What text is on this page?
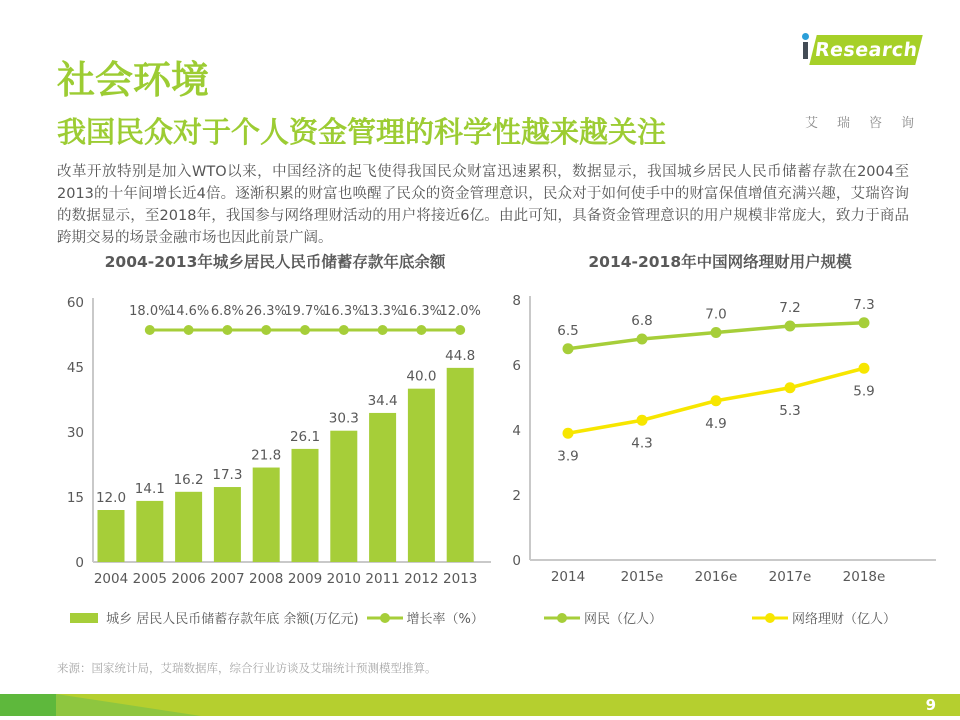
社会环境
Research
艾瑞咨询
我国民众对于个人资金管理的科学性越来越关注

改革开放特别是加入WTO以来，中国经济的起飞使得我国民众财富迅速累积，数据显示，我国城乡居民人民币储蓄存款在2004至2013的十年间增长近4倍。逐渐积累的财富也唤醒了民众的资金管理意识，民众对于如何使手中的财富保值增值充满兴趣，艾瑞咨询的数据显示，至2018年，我国参与网络理财活动的用户将接近6亿。由此可知，具备资金管理意识的用户规模非常庞大，致力于商品跨期交易的场景金融市场也因此前景广阔。

2004-2013年城乡居民人民币储蓄存款年底余额
0
15
30
45
60
12.0
14.1
16.2 17.3
21.8
26.1
30.3
34.4
40.0
44.8
18.0%
14.6% 6.8% 26.3%
19.7%
16.3%
13.3%
16.3%
12.0%
2004 2005 2006 2007 2008 2009 2010 2011 2012 2013
城乡 居民人民币储蓄存款年底 余额(万亿元)	增长率（%）
2014-2018年中国网络理财用户规模
0
2
4
6
8
6.5
6.8	7.0	7.2	7.3
3.9
4.3
4.9
5.3
5.9
2014	2015e 2016e 2017e 2018e
网民（亿人）	网络理财（亿人）

来源：国家统计局，艾瑞数据库，综合行业访谈及艾瑞统计预测模型推算。

9
